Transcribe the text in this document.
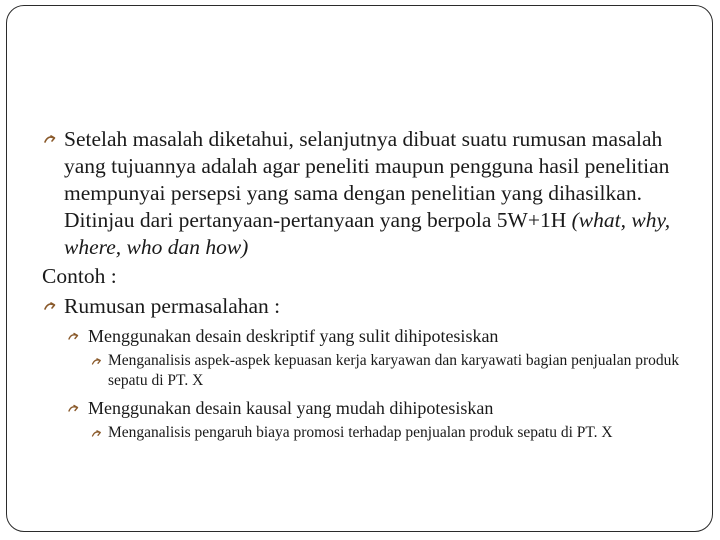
Setelah masalah diketahui, selanjutnya dibuat suatu rumusan masalah yang tujuannya adalah agar peneliti maupun pengguna hasil penelitian mempunyai persepsi yang sama dengan penelitian yang dihasilkan. Ditinjau dari pertanyaan-pertanyaan yang berpola 5W+1H (what, why, where, who dan how)
Contoh :
Rumusan permasalahan :
Menggunakan desain deskriptif yang sulit dihipotesiskan
Menganalisis aspek-aspek kepuasan kerja karyawan dan karyawati bagian penjualan produk sepatu di PT. X
Menggunakan desain kausal yang mudah dihipotesiskan
Menganalisis pengaruh biaya promosi terhadap penjualan produk sepatu di PT. X
